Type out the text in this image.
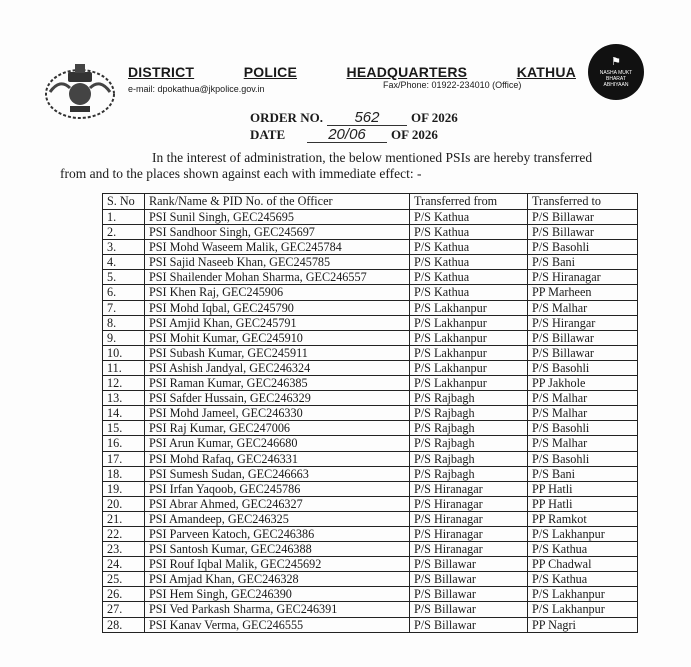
⚑
NASHA MUKT
BHARAT
ABHIYAAN
DISTRICT	POLICE	HEADQUARTERS	KATHUA
e-mail: dpokathua@jkpolice.gov.in	Fax/Phone: 01922-234010 (Office)
ORDER NO.	562	OF 2026
DATE	20/06	OF 2026
In the interest of administration, the below mentioned PSIs are hereby transferred
from and to the places shown against each with immediate effect: -
S. No	Rank/Name & PID No. of the Officer	Transferred from	Transferred to
1.	PSI Sunil Singh, GEC245695	P/S Kathua	P/S Billawar
2.	PSI Sandhoor Singh, GEC245697	P/S Kathua	P/S Billawar
3.	PSI Mohd Waseem Malik, GEC245784	P/S Kathua	P/S Basohli
4.	PSI Sajid Naseeb Khan, GEC245785	P/S Kathua	P/S Bani
5.	PSI Shailender Mohan Sharma, GEC246557	P/S Kathua	P/S Hiranagar
6.	PSI Khen Raj, GEC245906	P/S Kathua	PP Marheen
7.	PSI Mohd Iqbal, GEC245790	P/S Lakhanpur	P/S Malhar
8.	PSI Amjid Khan, GEC245791	P/S Lakhanpur	P/S Hirangar
9.	PSI Mohit Kumar, GEC245910	P/S Lakhanpur	P/S Billawar
10.	PSI Subash Kumar, GEC245911	P/S Lakhanpur	P/S Billawar
11.	PSI Ashish Jandyal, GEC246324	P/S Lakhanpur	P/S Basohli
12.	PSI Raman Kumar, GEC246385	P/S Lakhanpur	PP Jakhole
13.	PSI Safder Hussain, GEC246329	P/S Rajbagh	P/S Malhar
14.	PSI Mohd Jameel, GEC246330	P/S Rajbagh	P/S Malhar
15.	PSI Raj Kumar, GEC247006	P/S Rajbagh	P/S Basohli
16.	PSI Arun Kumar, GEC246680	P/S Rajbagh	P/S Malhar
17.	PSI Mohd Rafaq, GEC246331	P/S Rajbagh	P/S Basohli
18.	PSI Sumesh Sudan, GEC246663	P/S Rajbagh	P/S Bani
19.	PSI Irfan Yaqoob, GEC245786	P/S Hiranagar	PP Hatli
20.	PSI Abrar Ahmed, GEC246327	P/S Hiranagar	PP Hatli
21.	PSI Amandeep, GEC246325	P/S Hiranagar	PP Ramkot
22.	PSI Parveen Katoch, GEC246386	P/S Hiranagar	P/S Lakhanpur
23.	PSI Santosh Kumar, GEC246388	P/S Hiranagar	P/S Kathua
24.	PSI Rouf Iqbal Malik, GEC245692	P/S Billawar	PP Chadwal
25.	PSI Amjad Khan, GEC246328	P/S Billawar	P/S Kathua
26.	PSI Hem Singh, GEC246390	P/S Billawar	P/S Lakhanpur
27.	PSI Ved Parkash Sharma, GEC246391	P/S Billawar	P/S Lakhanpur
28.	PSI Kanav Verma, GEC246555	P/S Billawar	PP Nagri
